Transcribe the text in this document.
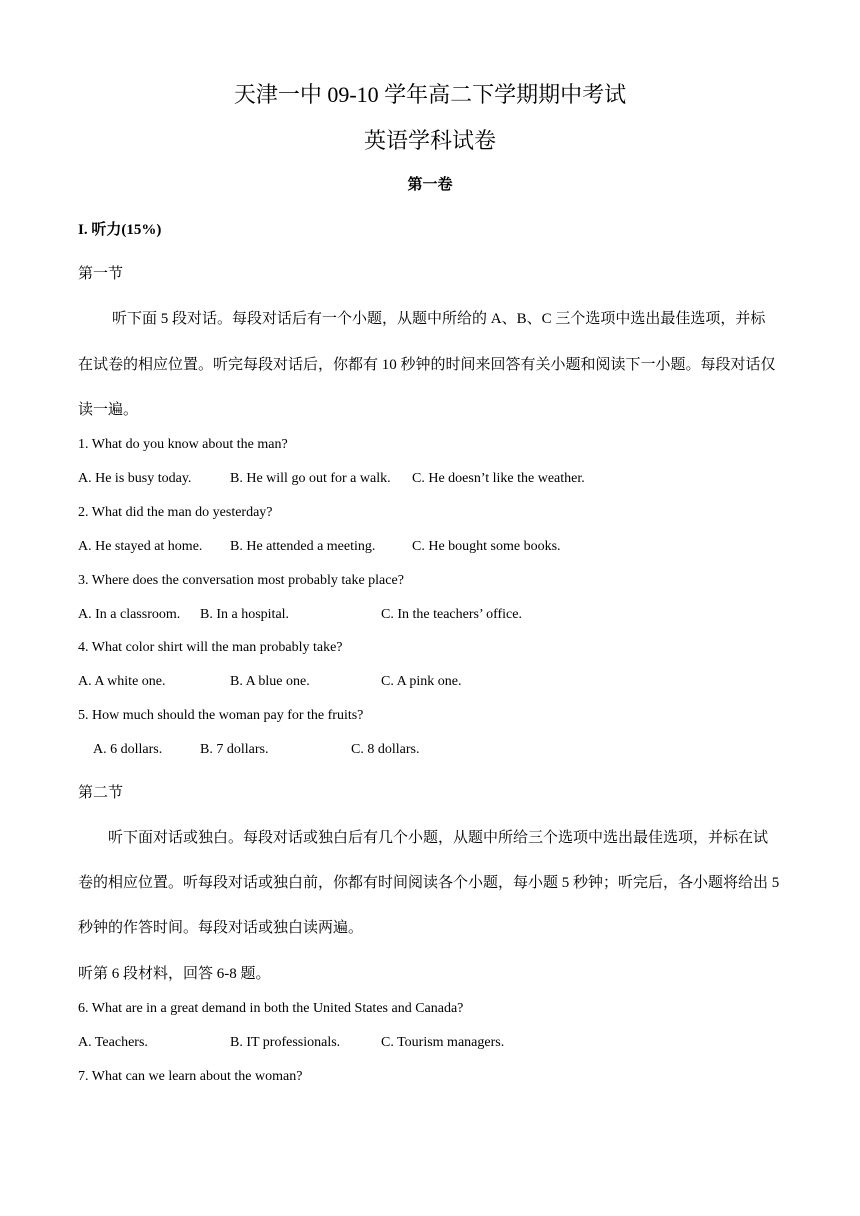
天津一中 09-10 学年高二下学期期中考试
英语学科试卷
第一卷
I. 听力(15%)
第一节
听下面 5 段对话。每段对话后有一个小题，从题中所给的 A、B、C 三个选项中选出最佳选项，并标
在试卷的相应位置。听完每段对话后，你都有 10 秒钟的时间来回答有关小题和阅读下一小题。每段对话仅
读一遍。
1. What do you know about the man?
A. He is busy today.	B. He will go out for a walk. C. He doesn’t like the weather.
2. What did the man do yesterday?
A. He stayed at home. B. He attended a meeting.	C. He bought some books.
3. Where does the conversation most probably take place?
A. In a classroom. B. In a hospital.	C. In the teachers’ office.
4. What color shirt will the man probably take?
A. A white one.	B. A blue one.	C. A pink one.
5. How much should the woman pay for the fruits?
A. 6 dollars.	B. 7 dollars.	C. 8 dollars.
第二节
听下面对话或独白。每段对话或独白后有几个小题，从题中所给三个选项中选出最佳选项，并标在试
卷的相应位置。听每段对话或独白前，你都有时间阅读各个小题，每小题 5 秒钟；听完后，各小题将给出 5
秒钟的作答时间。每段对话或独白读两遍。
听第 6 段材料，回答 6-8 题。
6. What are in a great demand in both the United States and Canada?
A. Teachers.	B. IT professionals.	C. Tourism managers.
7. What can we learn about the woman?
